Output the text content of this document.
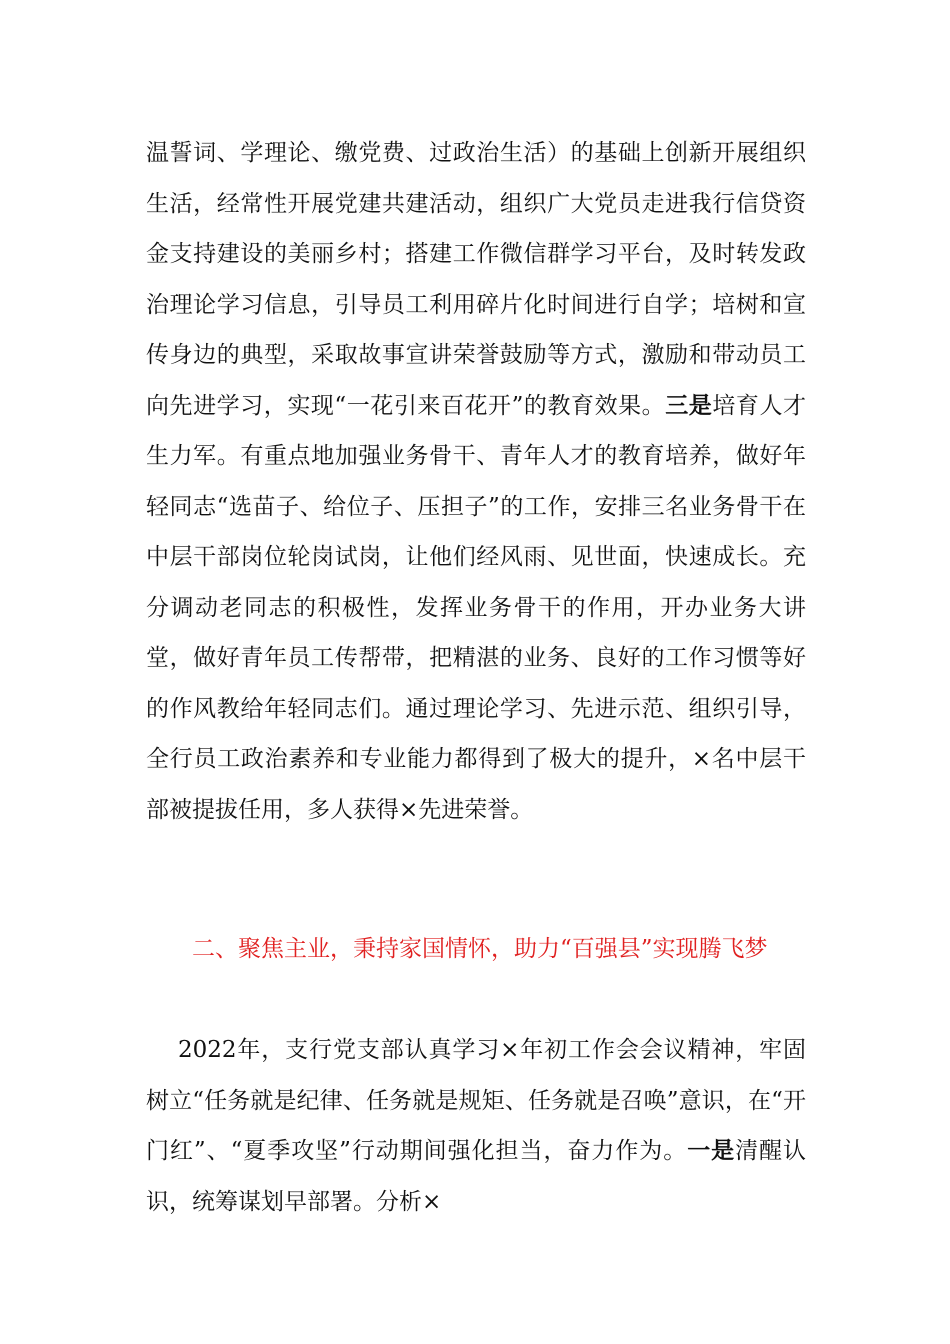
温誓词、学理论、缴党费、过政治生活）的基础上创新开展组织生活，经常性开展党建共建活动，组织广大党员走进我行信贷资金支持建设的美丽乡村；搭建工作微信群学习平台，及时转发政治理论学习信息，引导员工利用碎片化时间进行自学；培树和宣传身边的典型，采取故事宣讲荣誉鼓励等方式，激励和带动员工向先进学习，实现“一花引来百花开”的教育效果。三是培育人才生力军。有重点地加强业务骨干、青年人才的教育培养，做好年轻同志“选苗子、给位子、压担子”的工作，安排三名业务骨干在中层干部岗位轮岗试岗，让他们经风雨、见世面，快速成长。充分调动老同志的积极性，发挥业务骨干的作用，开办业务大讲堂，做好青年员工传帮带，把精湛的业务、良好的工作习惯等好的作风教给年轻同志们。通过理论学习、先进示范、组织引导，全行员工政治素养和专业能力都得到了极大的提升，×名中层干部被提拔任用，多人获得×先进荣誉。
二、聚焦主业，秉持家国情怀，助力“百强县”实现腾飞梦
2022年，支行党支部认真学习×年初工作会会议精神，牢固树立“任务就是纪律、任务就是规矩、任务就是召唤”意识，在“开门红”、“夏季攻坚”行动期间强化担当，奋力作为。一是清醒认识，统筹谋划早部署。分析×
